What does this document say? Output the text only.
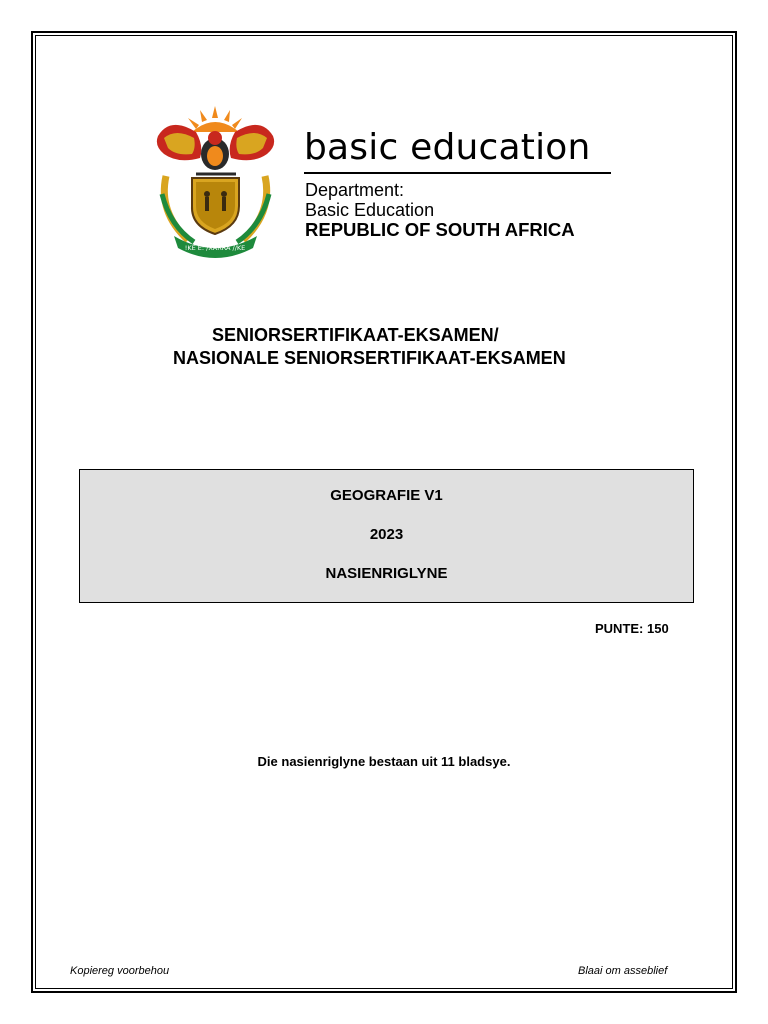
!KE E: /XARRA //KE
basic education
Department:
Basic Education
REPUBLIC OF SOUTH AFRICA
SENIORSERTIFIKAAT-EKSAMEN/
NASIONALE SENIORSERTIFIKAAT-EKSAMEN
GEOGRAFIE V1
2023
NASIENRIGLYNE
PUNTE: 150
Die nasienriglyne bestaan uit 11 bladsye.
Kopiereg voorbehou	Blaai om asseblief
